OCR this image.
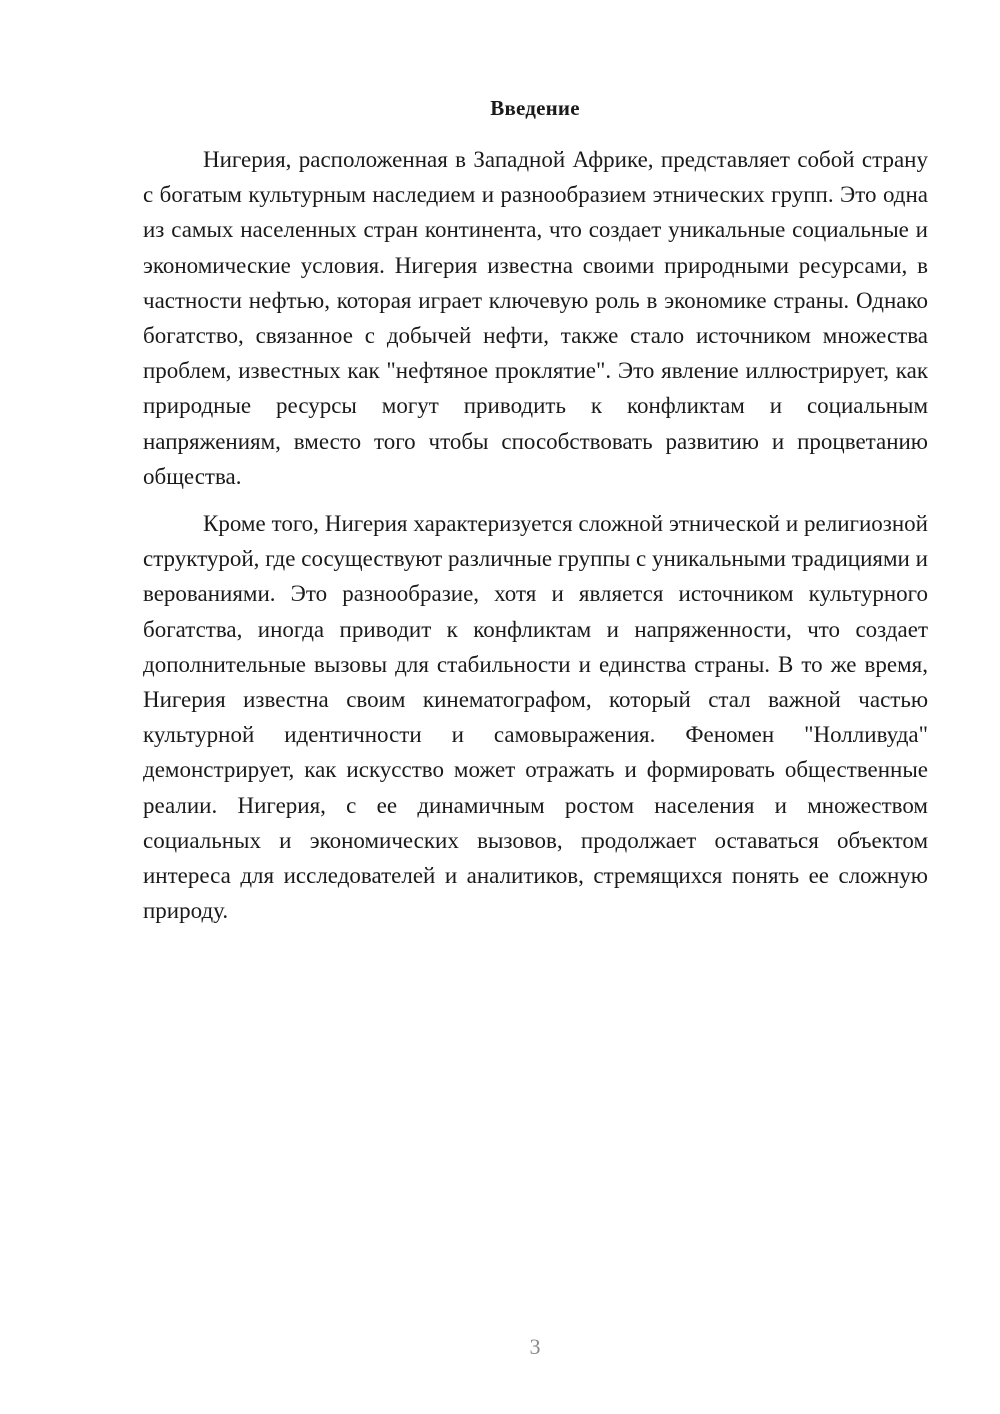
Введение

Нигерия, расположенная в Западной Африке, представляет собой страну с богатым культурным наследием и разнообразием этнических групп. Это одна из самых населенных стран континента, что создает уникальные социальные и экономические условия. Нигерия известна своими природными ресурсами, в частности нефтью, которая играет ключевую роль в экономике страны. Однако богатство, связанное с добычей нефти, также стало источником множества проблем, известных как "нефтяное проклятие". Это явление иллюстрирует, как природные ресурсы могут приводить к конфликтам и социальным напряжениям, вместо того чтобы способствовать развитию и процветанию общества.

Кроме того, Нигерия характеризуется сложной этнической и религиозной структурой, где сосуществуют различные группы с уникальными традициями и верованиями. Это разнообразие, хотя и является источником культурного богатства, иногда приводит к конфликтам и напряженности, что создает дополнительные вызовы для стабильности и единства страны. В то же время, Нигерия известна своим кинематографом, который стал важной частью культурной идентичности и самовыражения. Феномен "Нолливуда" демонстрирует, как искусство может отражать и формировать общественные реалии. Нигерия, с ее динамичным ростом населения и множеством социальных и экономических вызовов, продолжает оставаться объектом интереса для исследователей и аналитиков, стремящихся понять ее сложную природу.

3
